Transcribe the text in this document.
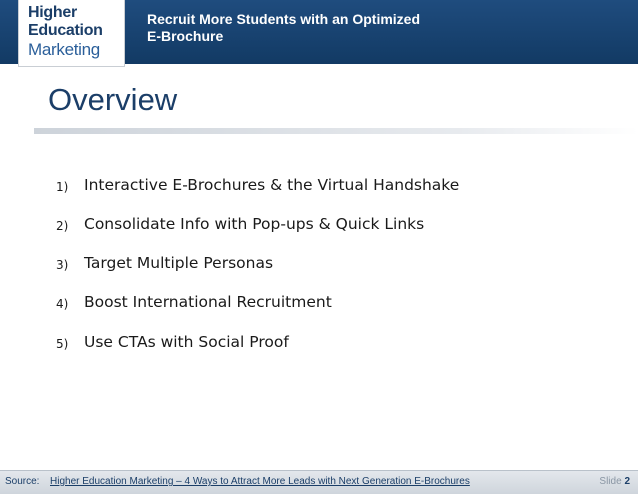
Higher
Education
Marketing
Recruit More Students with an Optimized
E-Brochure
Overview
1)	Interactive E-Brochures & the Virtual Handshake
2)	Consolidate Info with Pop-ups & Quick Links
3)	Target Multiple Personas
4)	Boost International Recruitment
5)	Use CTAs with Social Proof
Source: Higher Education Marketing – 4 Ways to Attract More Leads with Next Generation E-Brochures	Slide 2
